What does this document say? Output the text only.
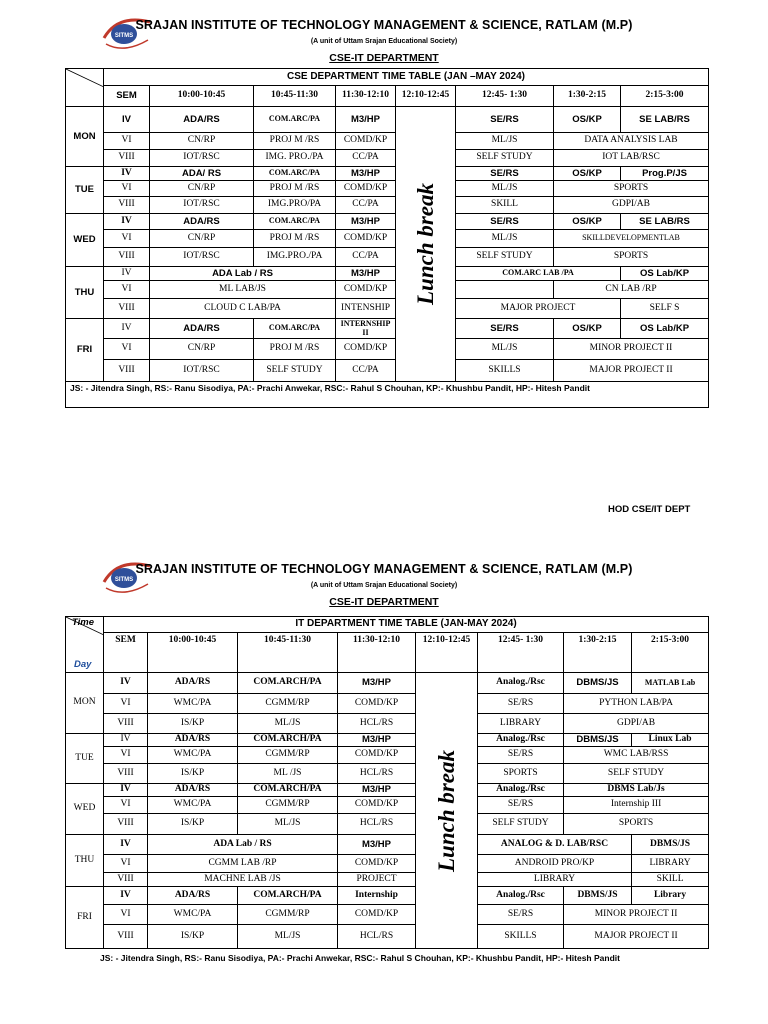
SITMS
SRAJAN INSTITUTE OF TECHNOLOGY MANAGEMENT & SCIENCE, RATLAM (M.P)
(A unit of Uttam Srajan Educational Society)
CSE-IT DEPARTMENT
	CSE DEPARTMENT TIME TABLE (JAN –MAY 2024)							
	SEM	10:00-10:45	10:45-11:30	11:30-12:10	12:10-12:45	12:45- 1:30	1:30-2:15	2:15-3:00
MON	IV	ADA/RS	COM.ARC/PA	M3/HP	Lunch break	SE/RS	OS/KP	SE LAB/RS
	VI	CN/RP	PROJ M /RS	COMD/KP		ML/JS	DATA ANALYSIS LAB	
	VIII	IOT/RSC	IMG. PRO./PA	CC/PA		SELF STUDY	IOT LAB/RSC	
TUE	IV	ADA/ RS	COM.ARC/PA	M3/HP		SE/RS	OS/KP	Prog.P/JS
	VI	CN/RP	PROJ M /RS	COMD/KP		ML/JS	SPORTS	
	VIII	IOT/RSC	IMG.PRO/PA	CC/PA		SKILL	GDPI/AB	
WED	IV	ADA/RS	COM.ARC/PA	M3/HP		SE/RS	OS/KP	SE LAB/RS
	VI	CN/RP	PROJ M /RS	COMD/KP		ML/JS	SKILLDEVELOPMENTLAB	
	VIII	IOT/RSC	IMG.PRO./PA	CC/PA		SELF STUDY	SPORTS	
THU	IV	ADA Lab / RS		M3/HP		COM.ARC LAB /PA		OS Lab/KP
	VI	ML LAB/JS		COMD/KP			CN LAB /RP	
	VIII	CLOUD C LAB/PA		INTENSHIP		MAJOR PROJECT		SELF S
FRI	IV	ADA/RS	COM.ARC/PA	INTERNSHIP II		SE/RS	OS/KP	OS Lab/KP
	VI	CN/RP	PROJ M /RS	COMD/KP		ML/JS	MINOR PROJECT II	
	VIII	IOT/RSC	SELF STUDY	CC/PA		SKILLS	MAJOR PROJECT II	
JS: - Jitendra Singh, RS:- Ranu Sisodiya, PA:- Prachi Anwekar, RSC:- Rahul S Chouhan, KP:- Khushbu Pandit, HP:- Hitesh Pandit								
HOD CSE/IT DEPT
SITMS
SRAJAN INSTITUTE OF TECHNOLOGY MANAGEMENT & SCIENCE, RATLAM (M.P)
(A unit of Uttam Srajan Educational Society)
CSE-IT DEPARTMENT
Time
Day	IT DEPARTMENT TIME TABLE (JAN-MAY 2024)							
	SEM	10:00-10:45	10:45-11:30	11:30-12:10	12:10-12:45	12:45- 1:30	1:30-2:15	2:15-3:00
MON	IV	ADA/RS	COM.ARCH/PA	M3/HP	Lunch break	Analog./Rsc	DBMS/JS	MATLAB Lab
	VI	WMC/PA	CGMM/RP	COMD/KP		SE/RS	PYTHON LAB/PA	
	VIII	IS/KP	ML/JS	HCL/RS		LIBRARY	GDPI/AB	
TUE	IV	ADA/RS	COM.ARCH/PA	M3/HP		Analog./Rsc	DBMS/JS	Linux Lab
	VI	WMC/PA	CGMM/RP	COMD/KP		SE/RS	WMC LAB/RSS	
	VIII	IS/KP	ML /JS	HCL/RS		SPORTS	SELF STUDY	
WED	IV	ADA/RS	COM.ARCH/PA	M3/HP		Analog./Rsc	DBMS Lab/Js	
	VI	WMC/PA	CGMM/RP	COMD/KP		SE/RS	Internship III	
	VIII	IS/KP	ML/JS	HCL/RS		SELF STUDY	SPORTS	
THU	IV	ADA Lab / RS		M3/HP		ANALOG & D. LAB/RSC		DBMS/JS
	VI	CGMM LAB /RP		COMD/KP		ANDROID PRO/KP		LIBRARY
	VIII	MACHNE LAB /JS		PROJECT		LIBRARY		SKILL
FRI	IV	ADA/RS	COM.ARCH/PA	Internship		Analog./Rsc	DBMS/JS	Library
	VI	WMC/PA	CGMM/RP	COMD/KP		SE/RS	MINOR PROJECT II	
	VIII	IS/KP	ML/JS	HCL/RS		SKILLS	MAJOR PROJECT II	
JS: - Jitendra Singh, RS:- Ranu Sisodiya, PA:- Prachi Anwekar, RSC:- Rahul S Chouhan, KP:- Khushbu Pandit, HP:- Hitesh Pandit
